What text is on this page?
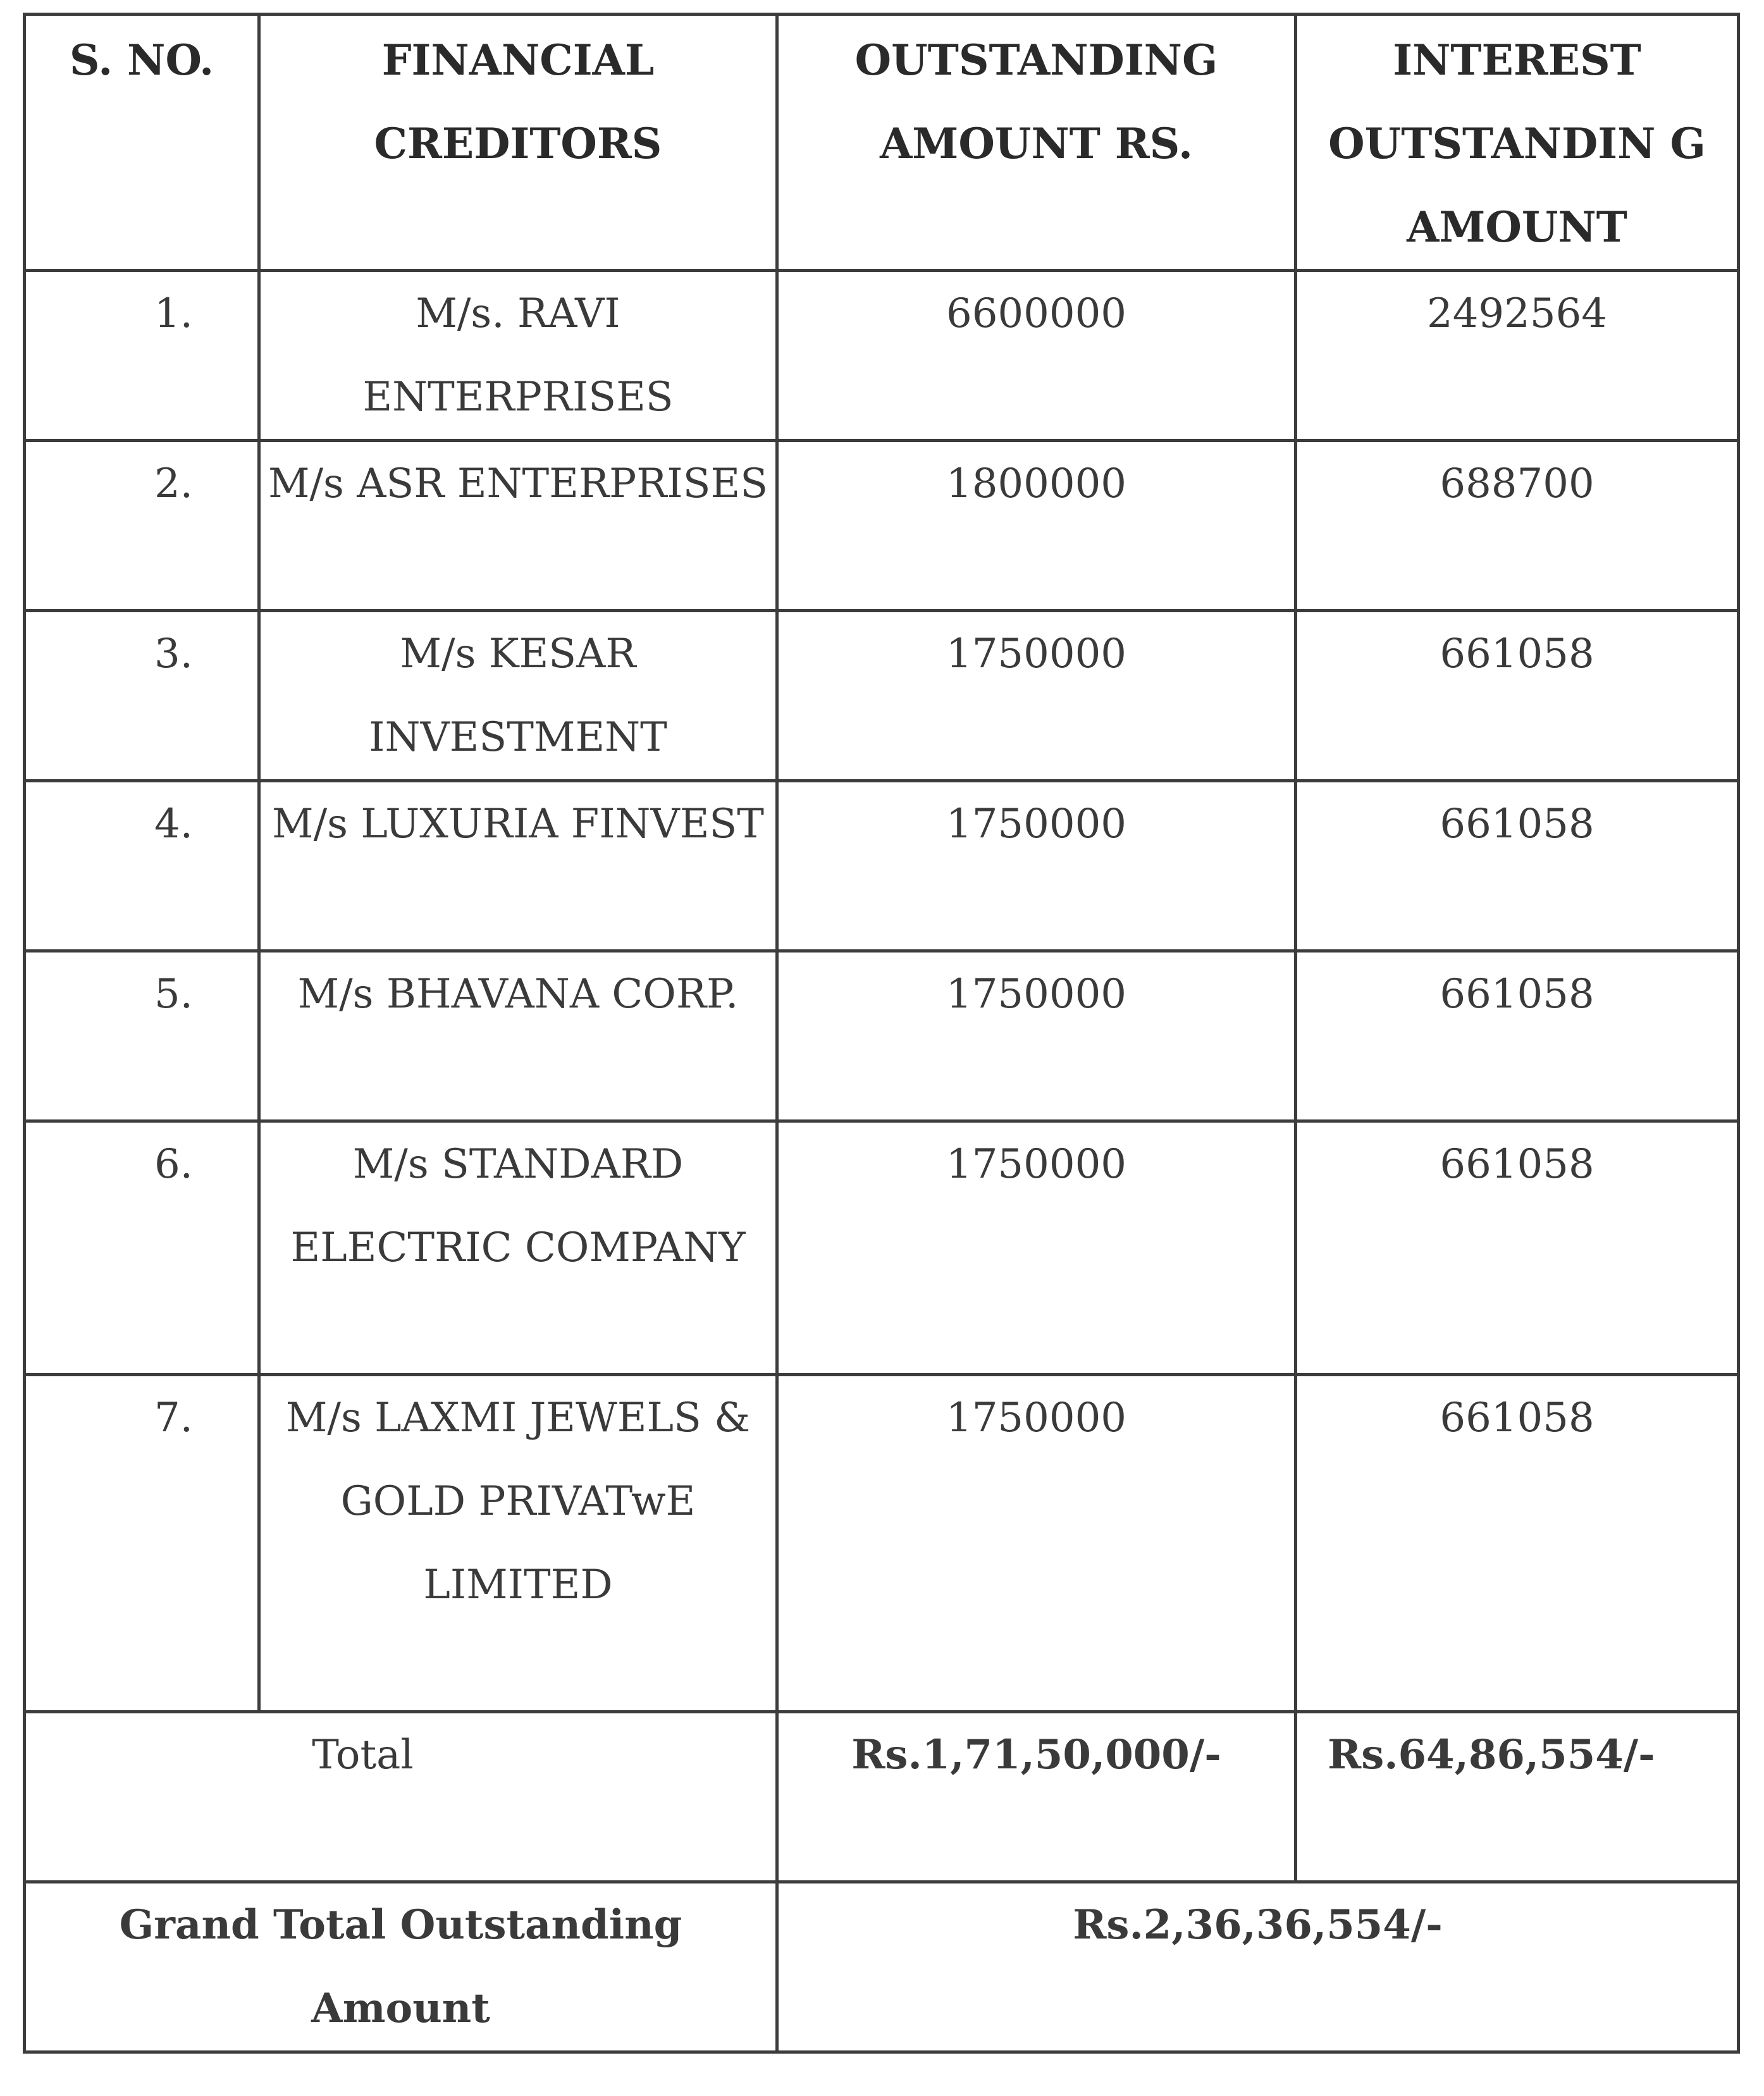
S. NO.	FINANCIAL CREDITORS	OUTSTANDING AMOUNT RS.	INTEREST OUTSTANDIN G AMOUNT

1.	M/s. RAVI ENTERPRISES	6600000	2492564
2.	M/s ASR ENTERPRISES	1800000	688700
3.	M/s KESAR INVESTMENT	1750000	661058
4.	M/s LUXURIA FINVEST	1750000	661058
5.	M/s BHAVANA CORP.	1750000	661058
6.	M/s STANDARD ELECTRIC COMPANY	1750000	661058
7.	M/s LAXMI JEWELS & GOLD PRIVATwE LIMITED	1750000	661058
Total		Rs.1,71,50,000/-	Rs.64,86,554/-
Grand Total Outstanding Amount		Rs.2,36,36,554/-	
